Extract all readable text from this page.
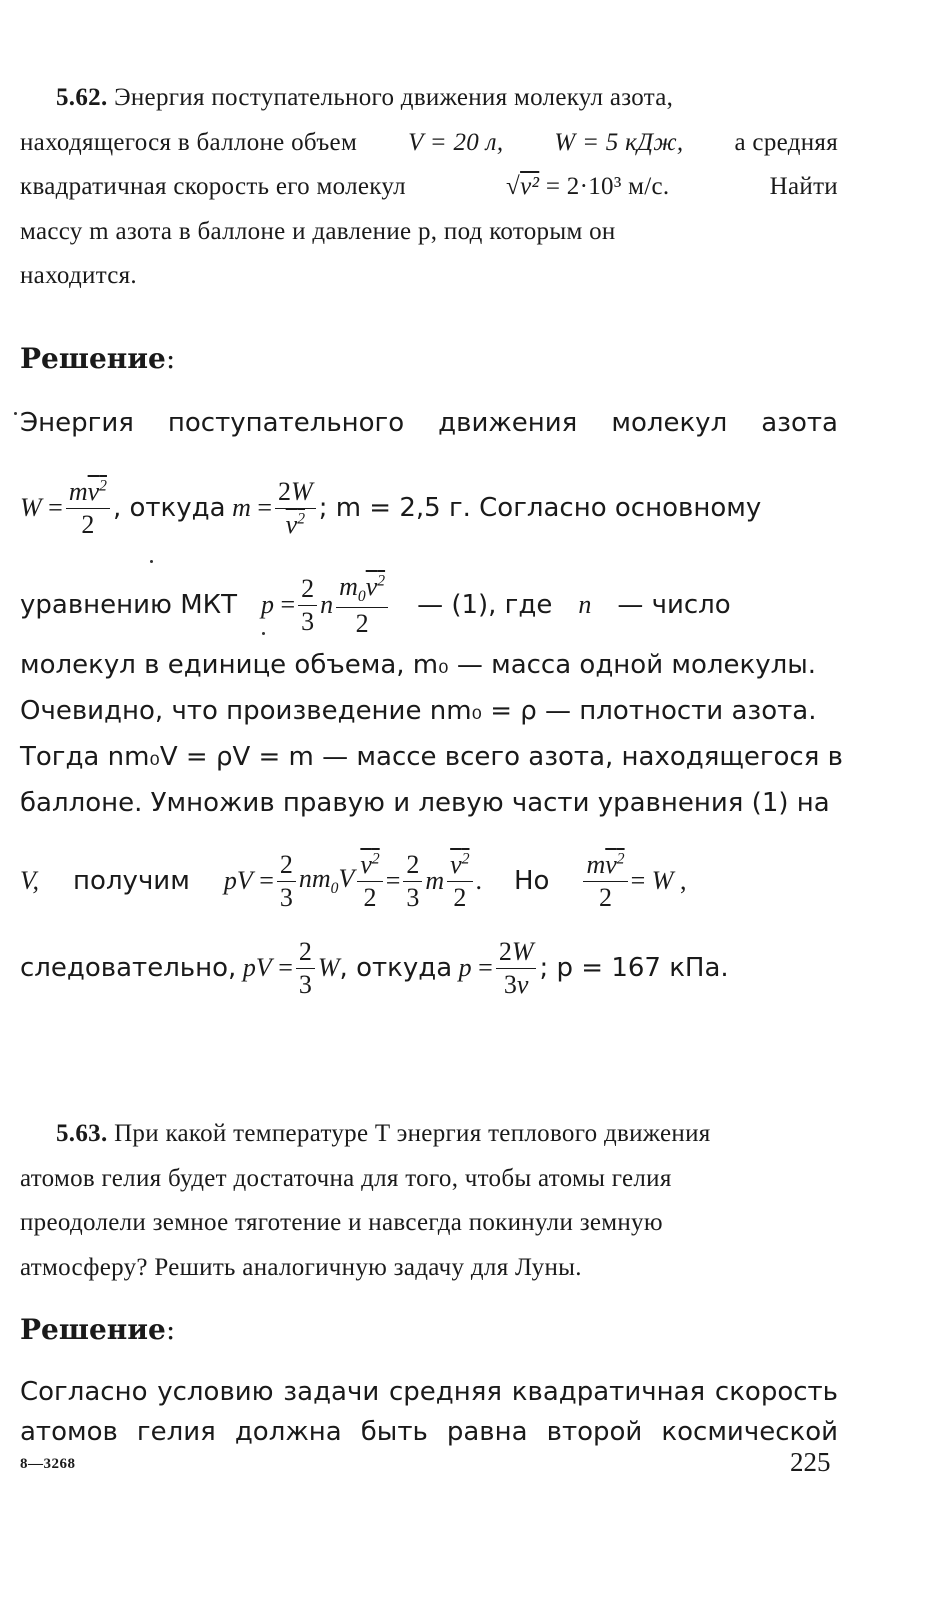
5.62. Энергия поступательного движения молекул азота,
находящегося в баллоне объем V = 20 л, W = 5 кДж, а средняя
квадратичная скорость его молекул	√v² = 2·10³ м/с.	Найти
массу m азота в баллоне и давление p, под которым он
находится.
Решение:
Энергия поступательного движения молекул азота
$W = \frac{mv^2}{2}$ , откуда $m = \frac{2W}{v^2}$ ; m = 2,5 г. Согласно основному
уравнению МКТ $p = \frac{2}{3}$ n $\frac{m_0v^2}{2}$ — (1), где n — число
молекул в единице объема, m₀ — масса одной молекулы.
Очевидно, что произведение nm₀ = ρ — плотности азота.
Тогда nm₀V = ρV = m — массе всего азота, находящегося в
баллоне. Умножив правую и левую части уравнения (1) на
V, получим pV = $\frac{2}{3} nm_0V \frac{v^2}{2} = \frac{2}{3}$ m $\frac{v^2}{2}$ . Но $\frac{mv^2}{2} = W$ ,
следовательно, pV = $\frac{2}{3}$ W , откуда $p = \frac{2W}{3v}$ ; p = 167 кПа.
5.63. При какой температуре T энергия теплового движения
атомов гелия будет достаточна для того, чтобы атомы гелия
преодолели земное тяготение и навсегда покинули земную
атмосферу? Решить аналогичную задачу для Луны.
Решение:
Согласно условию задачи средняя квадратичная скорость
атомов гелия должна быть равна второй космической
8—3268	225
